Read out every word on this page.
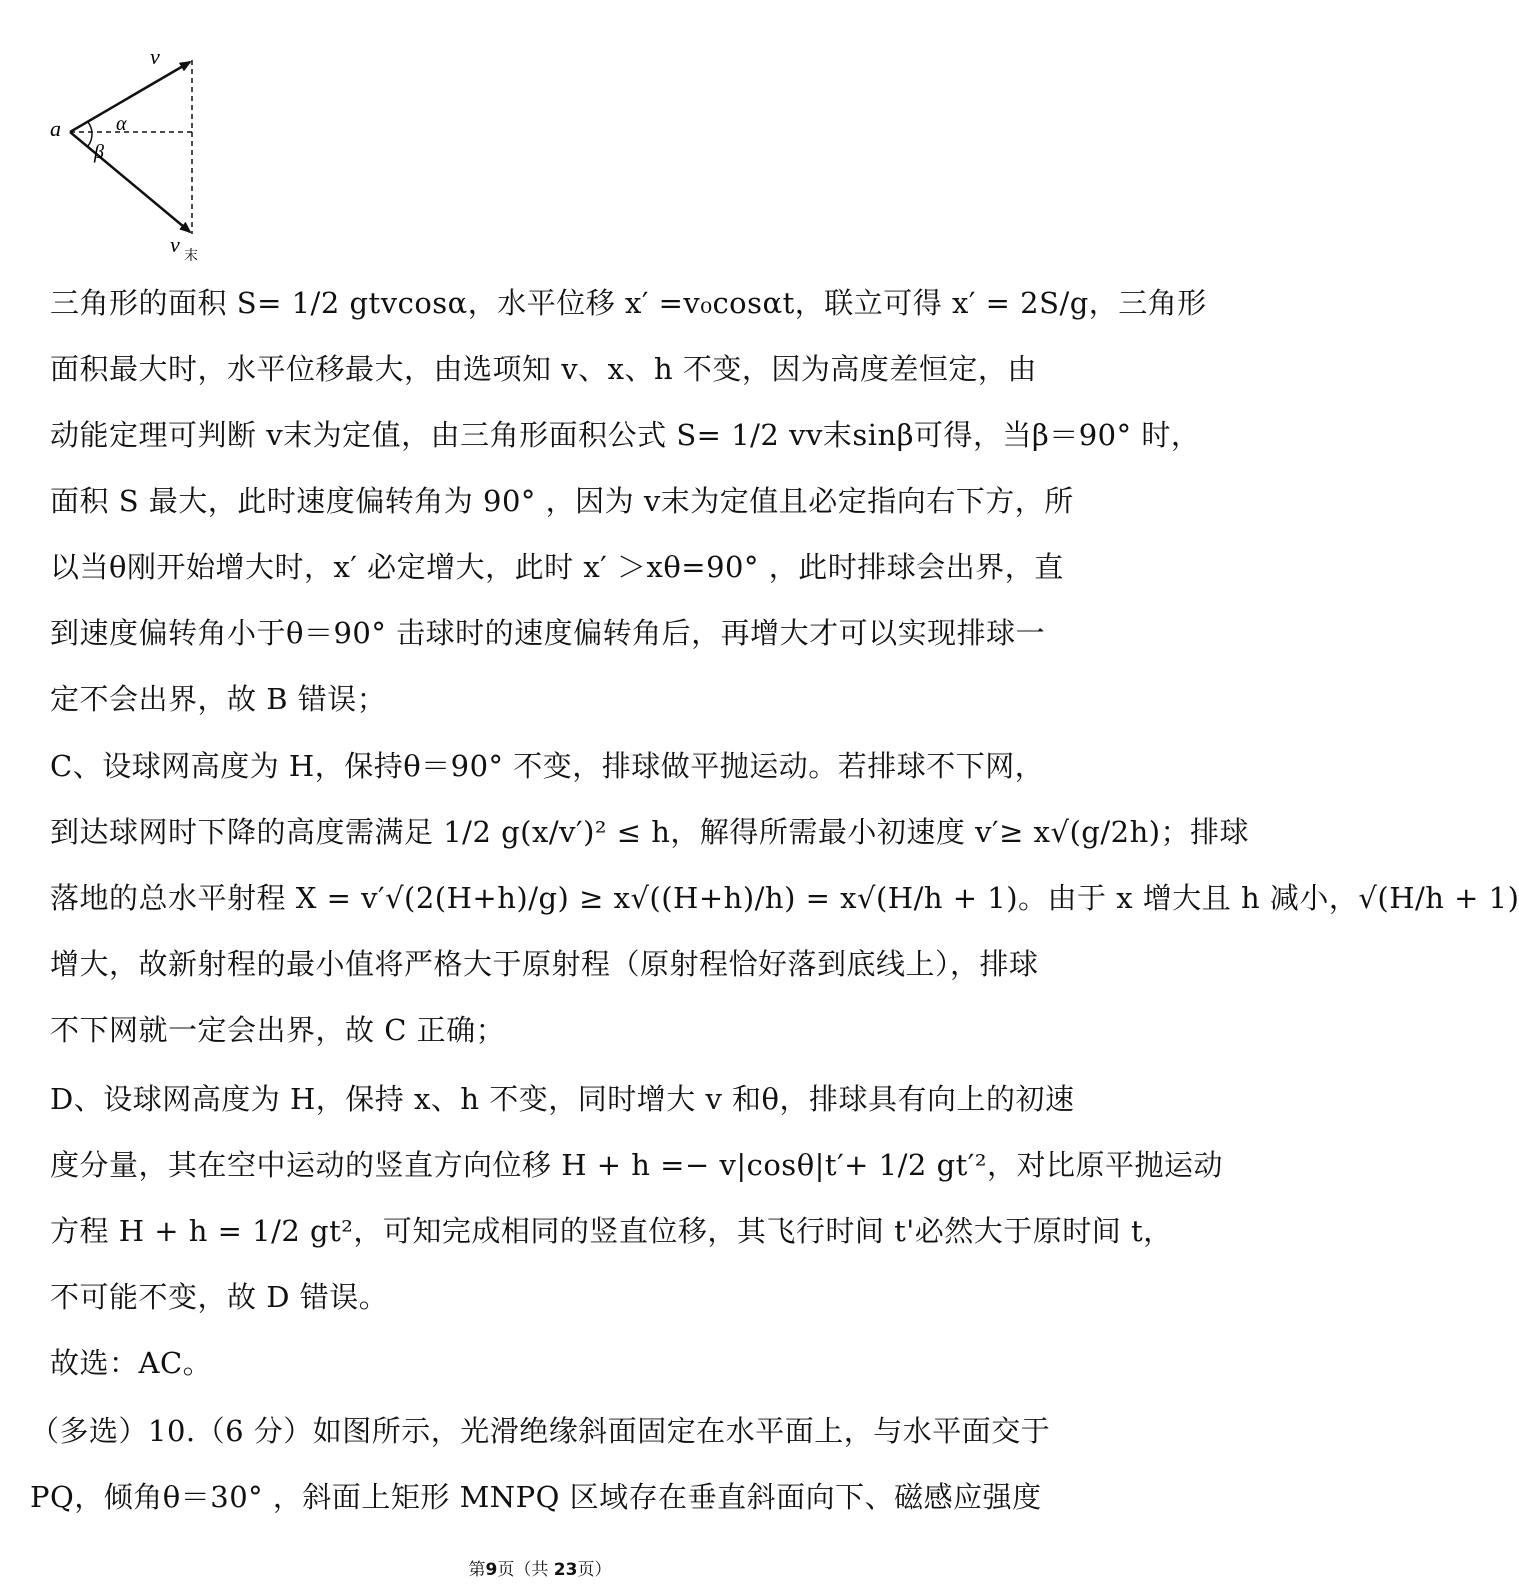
v
a	α
β
v 末
三角形的面积 S= 1/2 gtvcosα，水平位移 x′ =v₀cosαt，联立可得 x′ = 2S/g，三角形
面积最大时，水平位移最大，由选项知 v、x、h 不变，因为高度差恒定，由
动能定理可判断 v末为定值，由三角形面积公式 S= 1/2 vv末sinβ可得，当β＝90° 时，
面积 S 最大，此时速度偏转角为 90° ，因为 v末为定值且必定指向右下方，所
以当θ刚开始增大时，x′ 必定增大，此时 x′ ＞xθ=90° ，此时排球会出界，直
到速度偏转角小于θ＝90° 击球时的速度偏转角后，再增大才可以实现排球一
定不会出界，故 B 错误；
C、设球网高度为 H，保持θ＝90° 不变，排球做平抛运动。若排球不下网，
到达球网时下降的高度需满足 1/2 g(x/v′)² ≤ h，解得所需最小初速度 v′≥ x√(g/2h)；排球
落地的总水平射程 X = v′√(2(H+h)/g) ≥ x√((H+h)/h) = x√(H/h + 1)。由于 x 增大且 h 减小，√(H/h + 1)
增大，故新射程的最小值将严格大于原射程（原射程恰好落到底线上），排球
不下网就一定会出界，故 C 正确；
D、设球网高度为 H，保持 x、h 不变，同时增大 v 和θ，排球具有向上的初速
度分量，其在空中运动的竖直方向位移 H + h =− v|cosθ|t′+ 1/2 gt′²，对比原平抛运动
方程 H + h = 1/2 gt²，可知完成相同的竖直位移，其飞行时间 t'必然大于原时间 t，
不可能不变，故 D 错误。
故选：AC。
（多选）10.（6 分）如图所示，光滑绝缘斜面固定在水平面上，与水平面交于
PQ，倾角θ＝30° ，斜面上矩形 MNPQ 区域存在垂直斜面向下、磁感应强度
第9页（共 23页）
